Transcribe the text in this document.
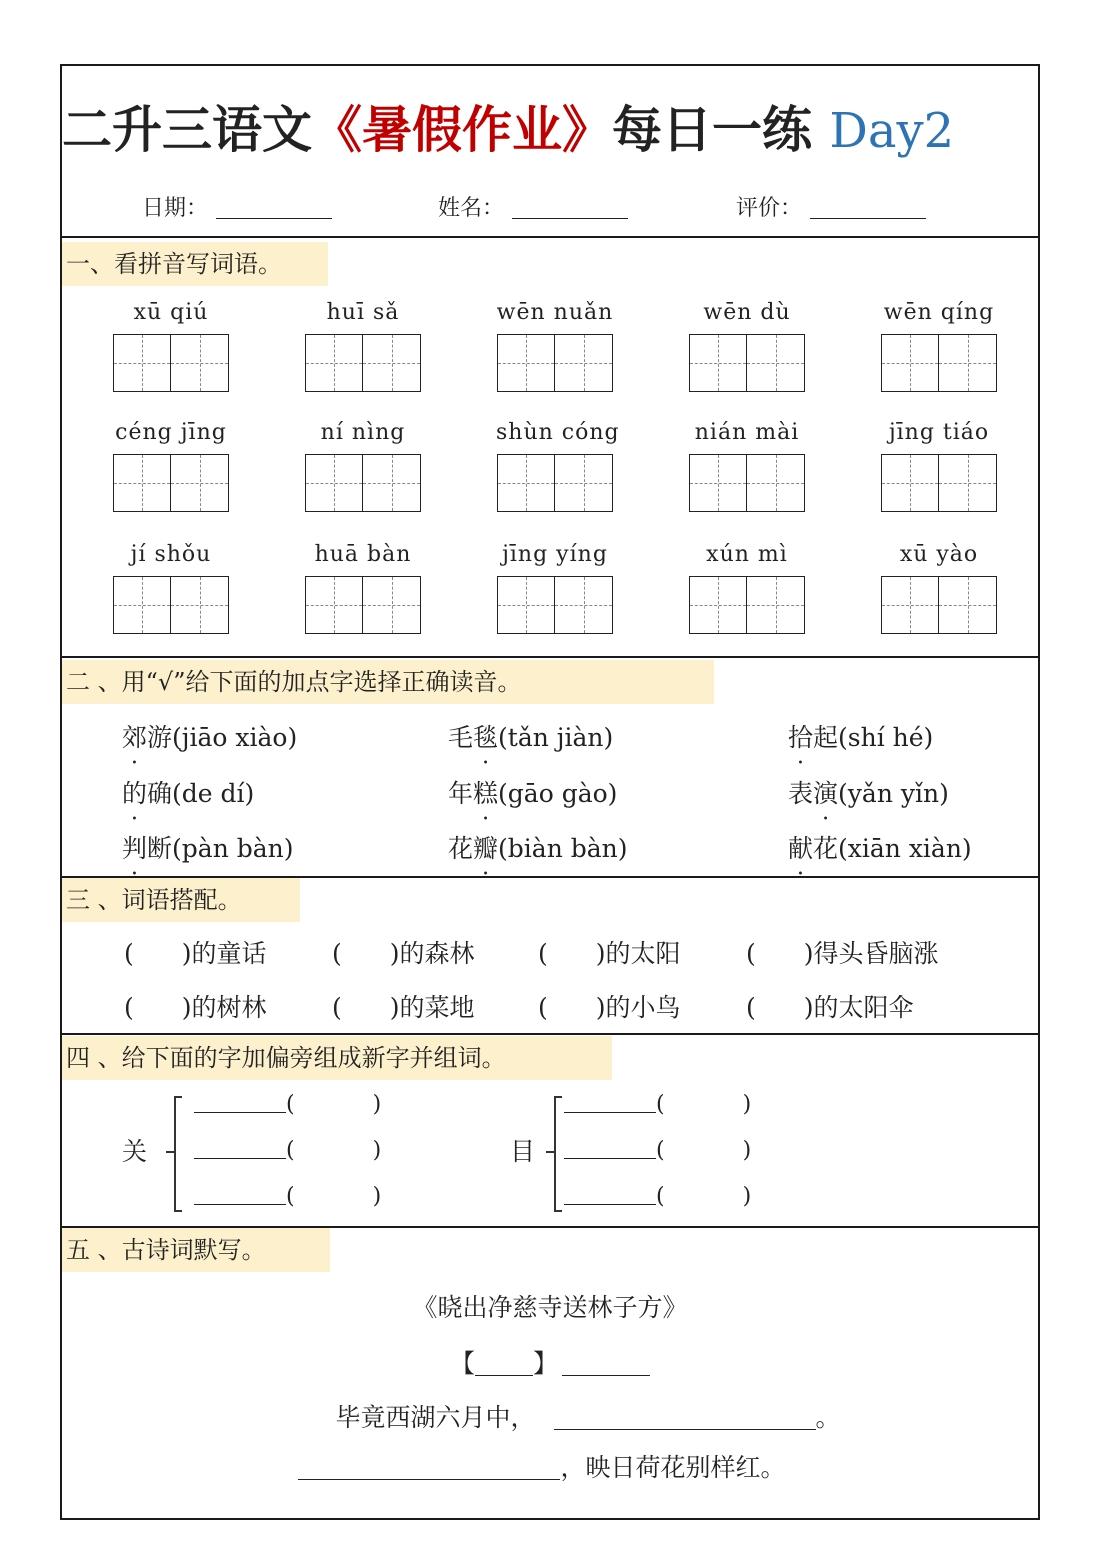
二升三语文《暑假作业》每日一练 Day2
日期：	姓名：	评价：
一、看拼音写词语。
xū qiú	huī sǎ	wēn nuǎn	wēn dù	wēn qíng
céng jīng	ní nìng	shùn cóng	nián mài	jīng tiáo
jí shǒu	huā bàn	jīng yíng	xún mì	xū yào
二 、用“√”给下面的加点字选择正确读音。
郊游(jiāo xiào)	毛毯(tǎn jiàn)	拾起(shí hé)
的确(de dí)	年糕(gāo gào)	表演(yǎn yǐn)
判断(pàn bàn)	花瓣(biàn bàn)	献花(xiān xiàn)
三 、词语搭配。
( )的童话	( )的森林	( )的太阳	( )得头昏脑涨
( )的树林	( )的菜地	( )的小鸟	( )的太阳伞
四 、给下面的字加偏旁组成新字并组词。
关
(	)
(	)
(	)
目
(	)
(	)
(	)
五 、古诗词默写。
《晓出净慈寺送林子方》
【 】
毕竟西湖六月中，	。
，映日荷花别样红。
